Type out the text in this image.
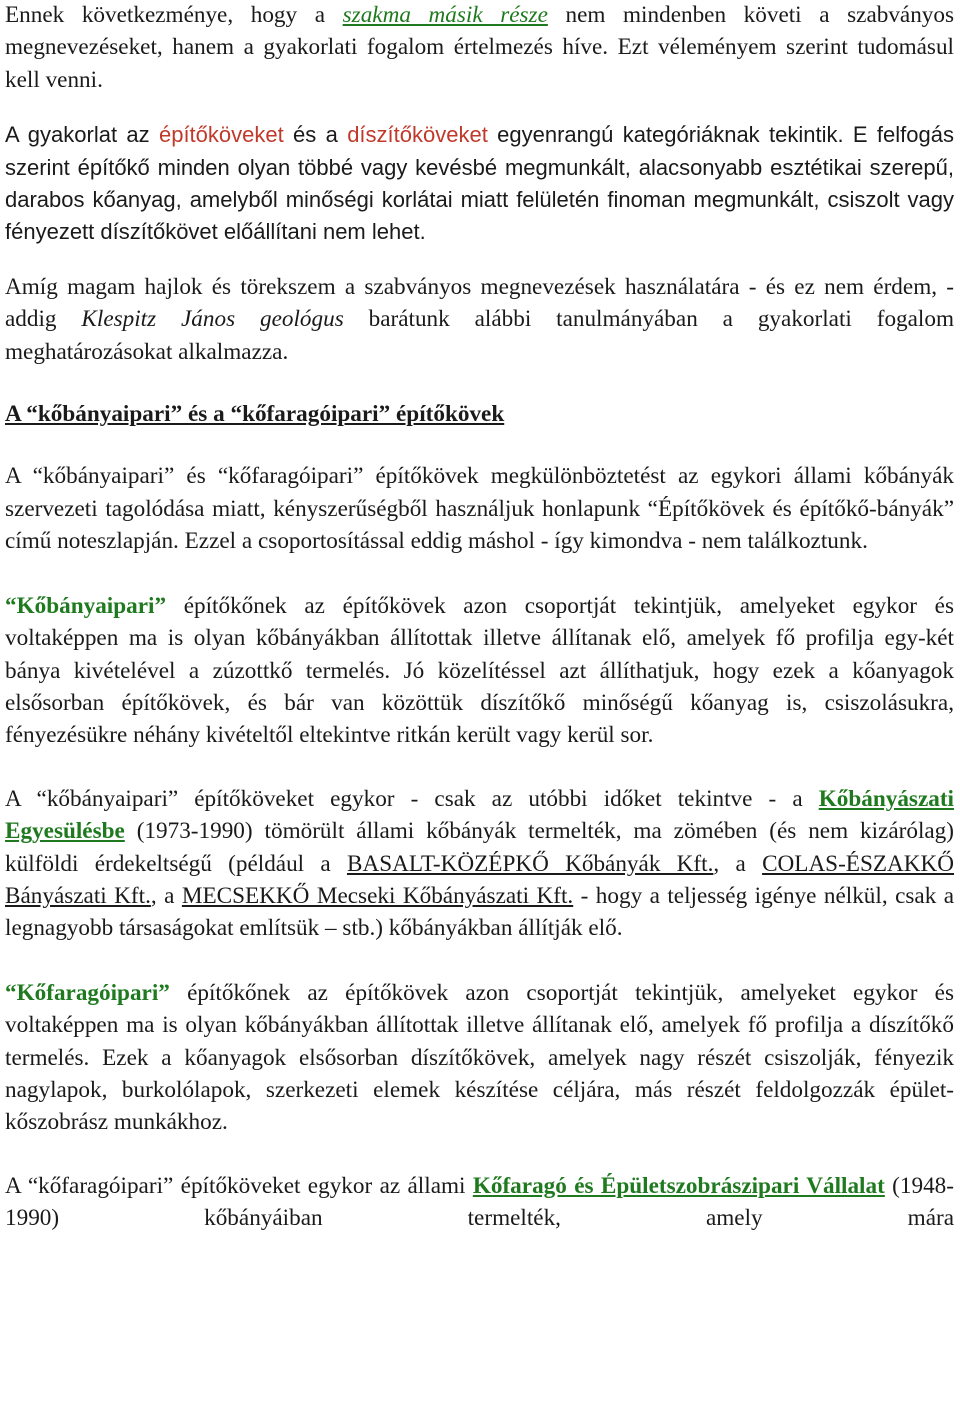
Ennek következménye, hogy a szakma másik része nem mindenben követi a szabványos megnevezéseket, hanem a gyakorlati fogalom értelmezés híve. Ezt véleményem szerint tudomásul kell venni.

A gyakorlat az építőköveket és a díszítőköveket egyenrangú kategóriáknak tekintik. E felfogás szerint építőkő minden olyan többé vagy kevésbé megmunkált, alacsonyabb esztétikai szerepű, darabos kőanyag, amelyből minőségi korlátai miatt felületén finoman megmunkált, csiszolt vagy fényezett díszítőkövet előállítani nem lehet.

Amíg magam hajlok és törekszem a szabványos megnevezések használatára - és ez nem érdem, - addig Klespitz János geológus barátunk alábbi tanulmányában a gyakorlati fogalom meghatározásokat alkalmazza.

A “kőbányaipari” és a “kőfaragóipari” építőkövek

A “kőbányaipari” és “kőfaragóipari” építőkövek megkülönböztetést az egykori állami kőbányák szervezeti tagolódása miatt, kényszerűségből használjuk honlapunk “Építőkövek és építőkő-bányák” című noteszlapján. Ezzel a csoportosítással eddig máshol - így kimondva - nem találkoztunk.

“Kőbányaipari” építőkőnek az építőkövek azon csoportját tekintjük, amelyeket egykor és voltaképpen ma is olyan kőbányákban állítottak illetve állítanak elő, amelyek fő profilja egy-két bánya kivételével a zúzottkő termelés. Jó közelítéssel azt állíthatjuk, hogy ezek a kőanyagok elsősorban építőkövek, és bár van közöttük díszítőkő minőségű kőanyag is, csiszolásukra, fényezésükre néhány kivételtől eltekintve ritkán került vagy kerül sor.

A “kőbányaipari” építőköveket egykor - csak az utóbbi időket tekintve - a Kőbányászati Egyesülésbe (1973-1990) tömörült állami kőbányák termelték, ma zömében (és nem kizárólag) külföldi érdekeltségű (például a BASALT-KÖZÉPKŐ Kőbányák Kft., a COLAS-ÉSZAKKŐ Bányászati Kft., a MECSEKKŐ Mecseki Kőbányászati Kft. - hogy a teljesség igénye nélkül, csak a legnagyobb társaságokat említsük – stb.) kőbányákban állítják elő.

“Kőfaragóipari” építőkőnek az építőkövek azon csoportját tekintjük, amelyeket egykor és voltaképpen ma is olyan kőbányákban állítottak illetve állítanak elő, amelyek fő profilja a díszítőkő termelés. Ezek a kőanyagok elsősorban díszítőkövek, amelyek nagy részét csiszolják, fényezik nagylapok, burkolólapok, szerkezeti elemek készítése céljára, más részét feldolgozzák épület-kőszobrász munkákhoz.

A “kőfaragóipari” építőköveket egykor az állami Kőfaragó és Épületszobrászipari Vállalat (1948-1990) kőbányáiban termelték, amely mára
